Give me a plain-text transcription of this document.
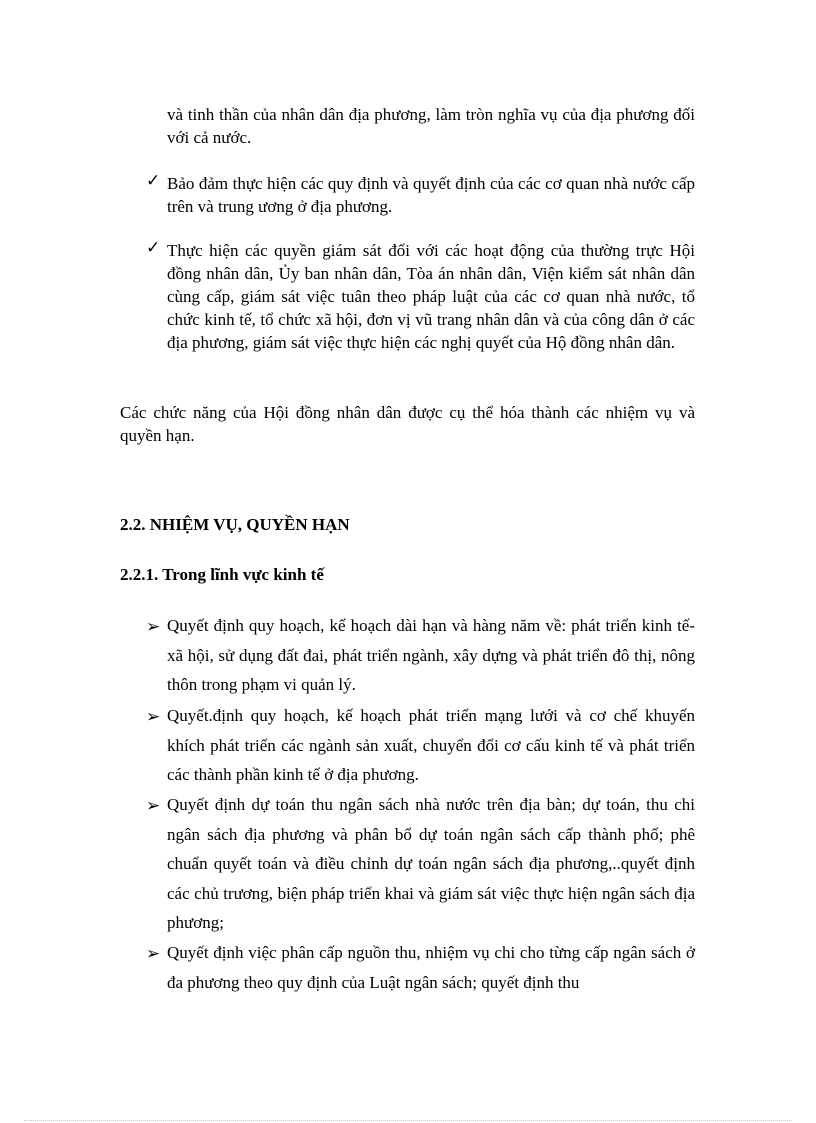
và tinh thần của nhân dân địa phương, làm tròn nghĩa vụ của địa phương đối với cả nước.

✓ Bảo đảm thực hiện các quy định và quyết định của các cơ quan nhà nước cấp trên và trung ương ở địa phương.

✓ Thực hiện các quyền giám sát đối với các hoạt động của thường trực Hội đồng nhân dân, Ủy ban nhân dân, Tòa án nhân dân, Viện kiểm sát nhân dân cùng cấp, giám sát việc tuân theo pháp luật của các cơ quan nhà nước, tổ chức kinh tế, tổ chức xã hội, đơn vị vũ trang nhân dân và của công dân ở các địa phương, giám sát việc thực hiện các nghị quyết của Hộ đồng nhân dân.

Các chức năng của Hội đồng nhân dân được cụ thể hóa thành các nhiệm vụ và quyền hạn.

2.2. NHIỆM VỤ, QUYỀN HẠN
2.2.1. Trong lĩnh vực kinh tế
➢ Quyết định quy hoạch, kế hoạch dài hạn và hàng năm về: phát triển kinh tế- xã hội, sử dụng đất đai, phát triển ngành, xây dựng và phát triển đô thị, nông thôn trong phạm vi quản lý.

➢ Quyết.định quy hoạch, kế hoạch phát triển mạng lưới và cơ chế khuyến khích phát triển các ngành sản xuất, chuyển đổi cơ cấu kinh tế và phát triển các thành phần kinh tế ở địa phương.

➢ Quyết định dự toán thu ngân sách nhà nước trên địa bàn; dự toán, thu chi ngân sách địa phương và phân bổ dự toán ngân sách cấp thành phố; phê chuẩn quyết toán và điều chỉnh dự toán ngân sách địa phương,..quyết định các chủ trương, biện pháp triển khai và giám sát việc thực hiện ngân sách địa phương;

➢ Quyết định việc phân cấp nguồn thu, nhiệm vụ chi cho từng cấp ngân sách ở đa phương theo quy định của Luật ngân sách; quyết định thu
